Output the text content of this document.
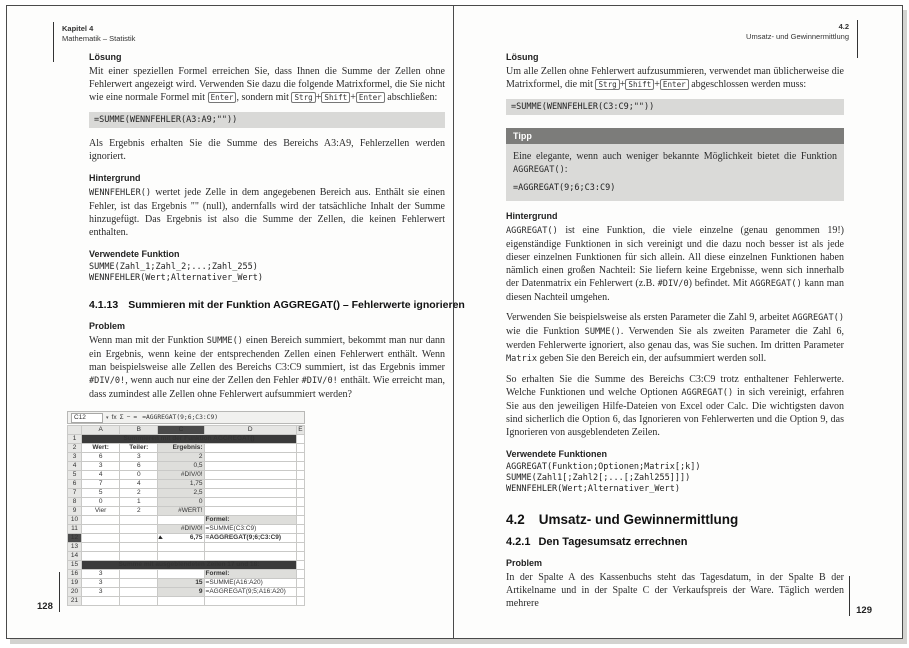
Kapitel 4
Mathematik – Statistik
Lösung

Mit einer speziellen Formel erreichen Sie, dass Ihnen die Summe der Zellen ohne Fehlerwert angezeigt wird. Verwenden Sie dazu die folgende Matrixformel, die Sie nicht wie eine normale Formel mit Enter , sondern mit Strg + Shift + Enter abschließen:

=SUMME(WENNFEHLER(A3:A9;""))

Als Ergebnis erhalten Sie die Summe des Bereichs A3:A9, Fehlerzellen werden ignoriert.

Hintergrund

WENNFEHLER() wertet jede Zelle in dem angegebenen Bereich aus. Enthält sie einen Fehler, ist das Ergebnis "" (null), andernfalls wird der tatsächliche Inhalt der Summe hinzugefügt. Das Ergebnis ist also die Summe der Zellen, die keinen Fehlerwert enthalten.

Verwendete Funktion
SUMME(Zahl_1;Zahl_2;...;Zahl_255)
WENNFEHLER(Wert;Alternativer_Wert)
4.1.13 Summieren mit der Funktion AGGREGAT() – Fehlerwerte ignorieren
Problem

Wenn man mit der Funktion SUMME() einen Bereich summiert, bekommt man nur dann ein Ergebnis, wenn keine der entsprechenden Zellen einen Fehlerwert enthält. Wenn man beispielsweise alle Zellen des Bereichs C3:C9 summiert, ist das Ergebnis immer #DIV/0!, wenn auch nur eine der Zellen den Fehler #DIV/0! enthält. Wie erreicht man, dass zumindest alle Zellen ohne Fehlerwert aufsummiert werden?

C12	▾ fx Σ − = =AGGREGAT(9;6;C3:C9)
	A	B	C	D	E
1	Summieren mit der Funktion AGGREGAT()				
2	Wert:	Teiler:	Ergebnis:		
3	6	3	2		
4	3	6	0,5		
5	4	0	#DIV/0!		
6	7	4	1,75		
7	5	2	2,5		
8	0	1	0		
9	Vier	2	#WERT!		
10				Formel:	
11			#DIV/0!	=SUMME(C3:C9)	
12			6,75	=AGGREGAT(9;6;C3:C9)	
13					
14					
15	Summe mit ausgeblendeten Zeilen 17 und 18:				
16	3			Formel:	
19	3		15	=SUMME(A16:A20)	
20	3		9	=AGGREGAT(9;5;A16:A20)	
21					
128
4.2
Umsatz- und Gewinnermittlung
Lösung

Um alle Zellen ohne Fehlerwert aufzusummieren, verwendet man üblicherweise die Matrixformel, die mit Strg + Shift + Enter abgeschlossen werden muss:

=SUMME(WENNFEHLER(C3:C9;""))
Tipp

Eine elegante, wenn auch weniger bekannte Möglichkeit bietet die Funktion AGGREGAT():

=AGGREGAT(9;6;C3:C9)
Hintergrund

AGGREGAT() ist eine Funktion, die viele einzelne (genau genommen 19!) eigenständige Funktionen in sich vereinigt und die dazu noch besser ist als jede dieser einzelnen Funktionen für sich allein. All diese einzelnen Funktionen haben nämlich einen großen Nachteil: Sie liefern keine Ergebnisse, wenn sich innerhalb der Datenmatrix ein Fehlerwert (z.B. #DIV/0) befindet. Mit AGGREGAT() kann man diesen Nachteil umgehen.

Verwenden Sie beispielsweise als ersten Parameter die Zahl 9, arbeitet AGGREGAT() wie die Funktion SUMME(). Verwenden Sie als zweiten Parameter die Zahl 6, werden Fehlerwerte ignoriert, also genau das, was Sie suchen. Im dritten Parameter Matrix geben Sie den Bereich ein, der aufsummiert werden soll.

So erhalten Sie die Summe des Bereichs C3:C9 trotz enthaltener Fehlerwerte. Welche Funktionen und welche Optionen AGGREGAT() in sich vereinigt, erfahren Sie aus den jeweiligen Hilfe-Dateien von Excel oder Calc. Die wichtigsten davon sind sicherlich die Option 6, das Ignorieren von Fehlerwerten und die Option 9, das Ignorieren von ausgeblendeten Zeilen.

Verwendete Funktionen
AGGREGAT(Funktion;Optionen;Matrix[;k])
SUMME(Zahl1[;Zahl2[;...[;Zahl255]]])
WENNFEHLER(Wert;Alternativer_Wert)
4.2 Umsatz- und Gewinnermittlung
4.2.1 Den Tagesumsatz errechnen
Problem

In der Spalte A des Kassenbuchs steht das Tagesdatum, in der Spalte B der Artikelname und in der Spalte C der Verkaufspreis der Ware. Täglich werden mehrere

129
